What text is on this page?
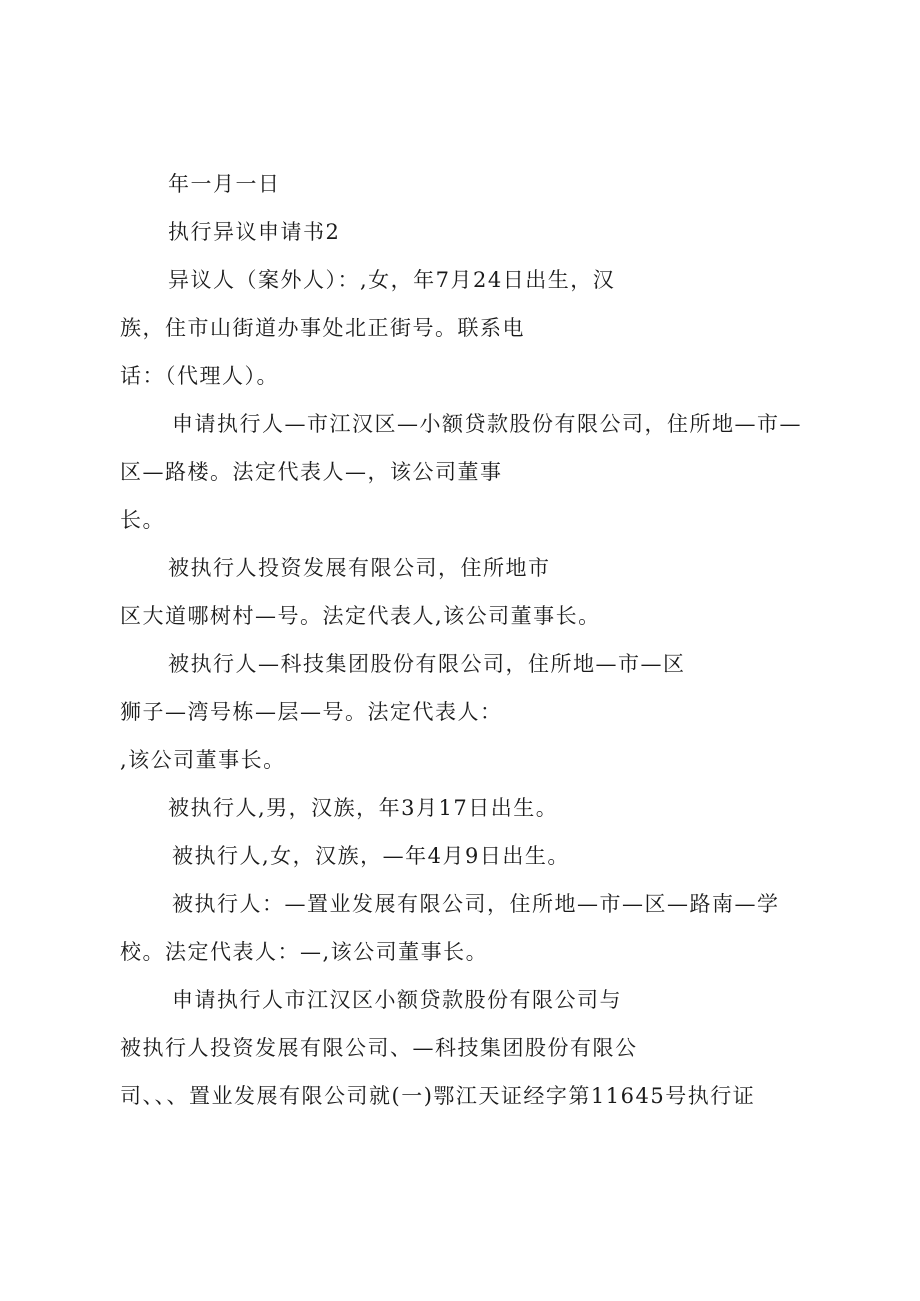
年一月一日
执行异议申请书2
异议人（案外人）：,女，年7月24日出生，汉
族，住市山街道办事处北正街号。联系电
话：（代理人）。
申请执行人—市江汉区—小额贷款股份有限公司，住所地—市—
区—路楼。法定代表人—，该公司董事
长。
被执行人投资发展有限公司，住所地市
区大道哪树村—号。法定代表人,该公司董事长。
被执行人—科技集团股份有限公司，住所地—市—区
狮子—湾号栋—层—号。法定代表人：
,该公司董事长。
被执行人,男，汉族，年3月17日出生。
被执行人,女，汉族，—年4月9日出生。
被执行人：—置业发展有限公司，住所地—市—区—路南—学
校。法定代表人：—,该公司董事长。
申请执行人市江汉区小额贷款股份有限公司与
被执行人投资发展有限公司、—科技集团股份有限公
司、、、置业发展有限公司就(一)鄂江天证经字第11645号执行证
